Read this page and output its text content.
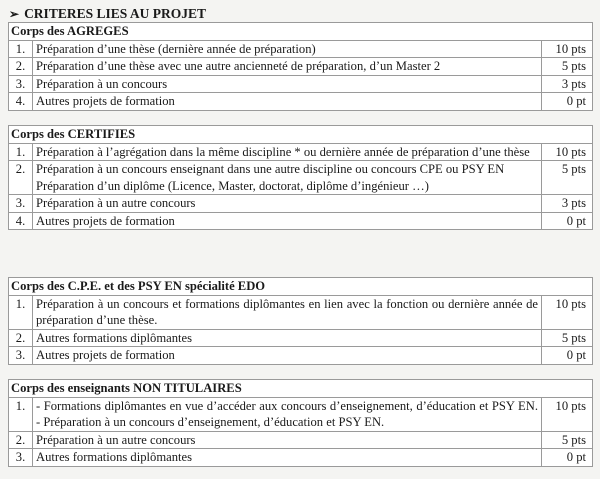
➢ CRITERES LIES AU PROJET
Corps des AGREGES		
1.	Préparation d’une thèse (dernière année de préparation)	10 pts
2.	Préparation d’une thèse avec une autre ancienneté de préparation, d’un Master 2	5 pts
3.	Préparation à un concours	3 pts
4.	Autres projets de formation	0 pt
Corps des CERTIFIES		
1.	Préparation à l’agrégation dans la même discipline * ou dernière année de préparation d’une thèse	10 pts
2.	Préparation à un concours enseignant dans une autre discipline ou concours CPE ou PSY EN Préparation d’un diplôme (Licence, Master, doctorat, diplôme d’ingénieur …)	5 pts
3.	Préparation à un autre concours	3 pts
4.	Autres projets de formation	0 pt
Corps des C.P.E. et des PSY EN spécialité EDO		
1.	Préparation à un concours et formations diplômantes en lien avec la fonction ou dernière année de préparation d’une thèse.	10 pts
2.	Autres formations diplômantes	5 pts
3.	Autres projets de formation	0 pt
Corps des enseignants NON TITULAIRES		
1.	- Formations diplômantes en vue d’accéder aux concours d’enseignement, d’éducation et PSY EN. - Préparation à un concours d’enseignement, d’éducation et PSY EN.	10 pts
2.	Préparation à un autre concours	5 pts
3.	Autres formations diplômantes	0 pt
